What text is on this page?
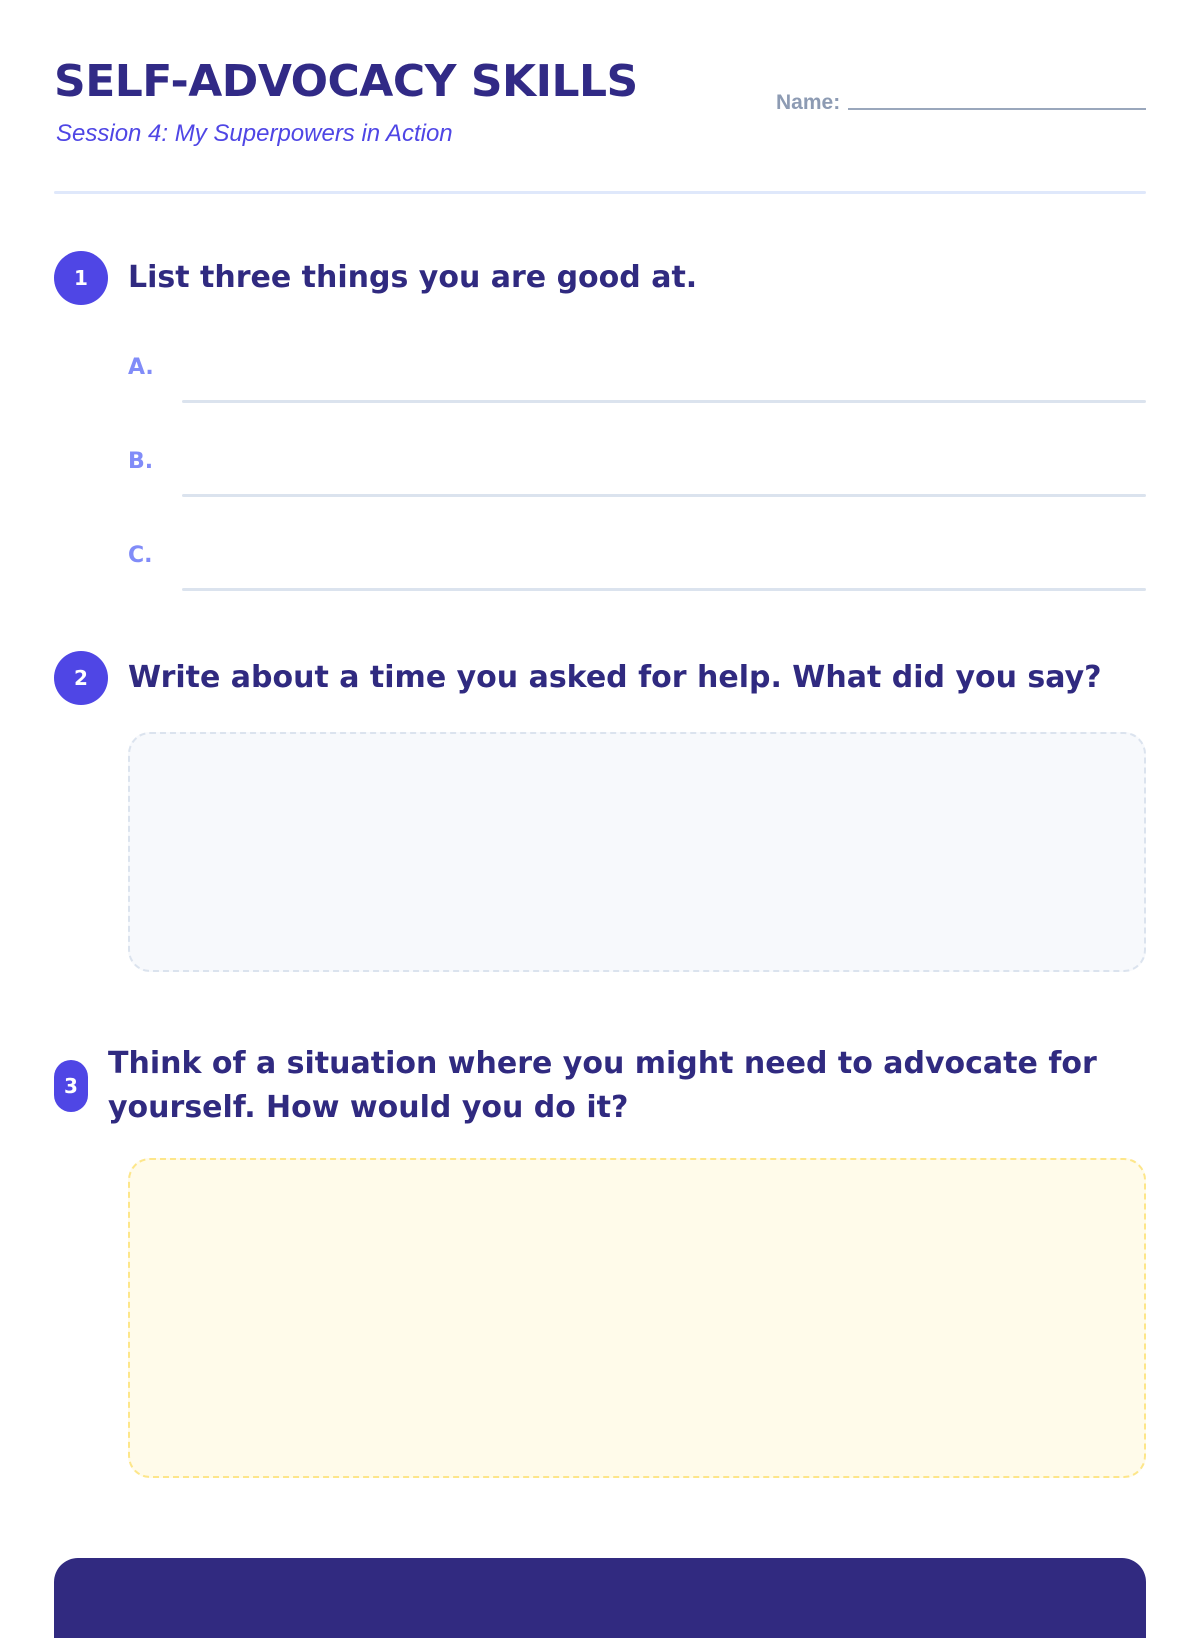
SELF-ADVOCACY SKILLS

Session 4: My Superpowers in Action

Name:
1	List three things you are good at.

A.
B.
C.
2	Write about a time you asked for help. What did you say?

3

Think of a situation where you might need to advocate for yourself. How would you do it?
